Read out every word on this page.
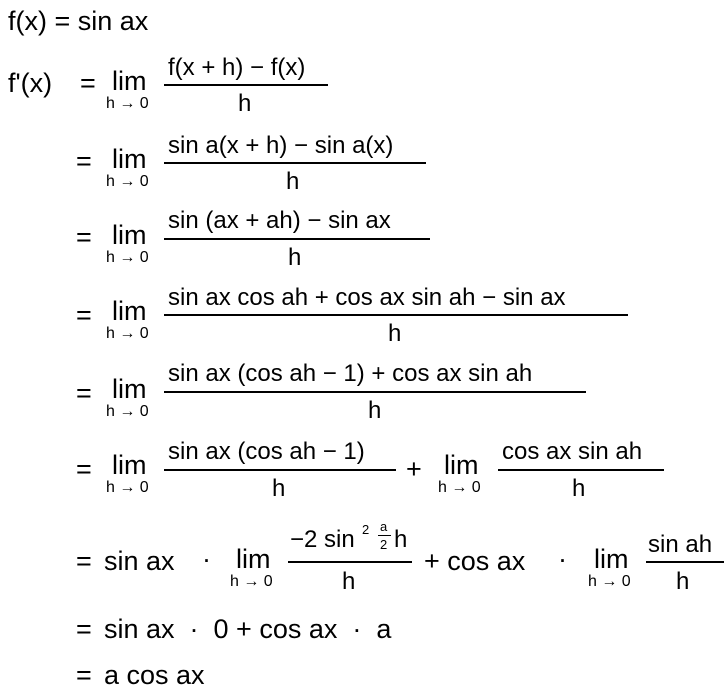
f(x) = sin ax
f'(x) = lim
h → 0
f(x + h) − f(x)
h
= lim
h → 0
sin a(x + h) − sin a(x)
h
= lim
h → 0
sin (ax + ah) − sin ax
h
= lim
h → 0
sin ax cos ah + cos ax sin ah − sin ax
h
= lim
h → 0
sin ax (cos ah − 1) + cos ax sin ah
h
= lim
h → 0
sin ax (cos ah − 1)
h
+ lim
h → 0
cos ax sin ah
h
= sin ax · lim
h → 0
−2 sin 2 a
2 h
h
+ cos ax · lim
h → 0
sin ah
h
= sin ax  ·  0 + cos ax  ·  a
= a cos ax
